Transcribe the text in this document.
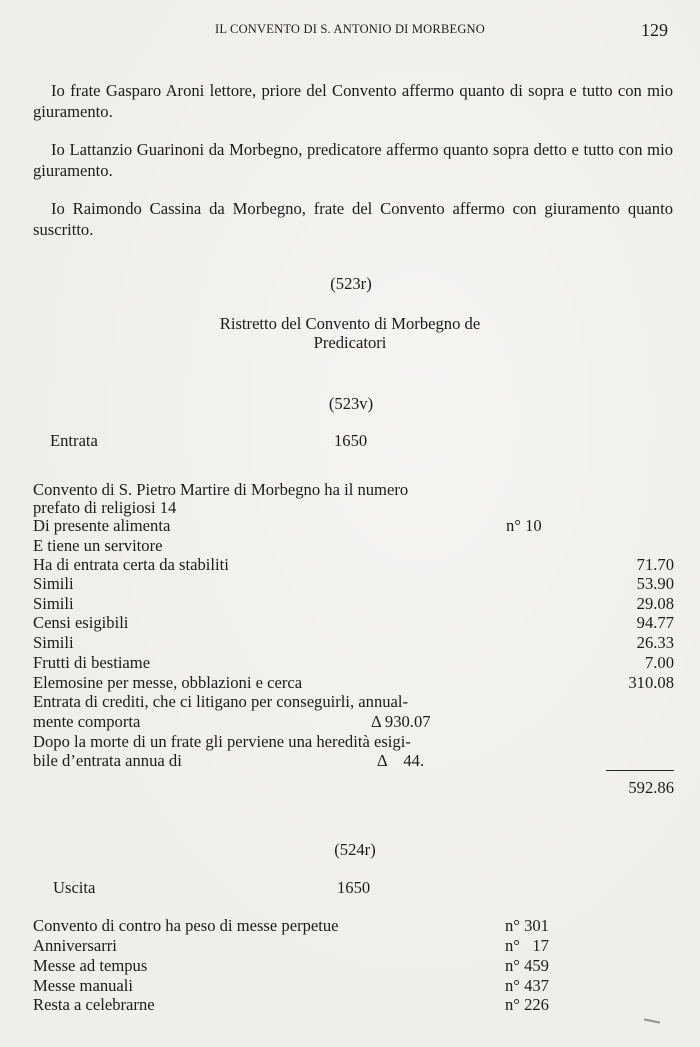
IL CONVENTO DI S. ANTONIO DI MORBEGNO	129
Io frate Gasparo Aroni lettore, priore del Convento affermo quanto di sopra e tutto con mio giuramento.
Io Lattanzio Guarinoni da Morbegno, predicatore affermo quanto sopra detto e tutto con mio giuramento.
Io Raimondo Cassina da Morbegno, frate del Convento affermo con giuramento quanto suscritto.
(523r)
Ristretto del Convento di Morbegno de
Predicatori
(523v)
Entrata	1650
Convento di S. Pietro Martire di Morbegno ha il numero
prefato di religiosi 14
Di presente alimenta	n° 10
E tiene un servitore
Ha di entrata certa da stabiliti	71.70
Simili	53.90
Simili	29.08
Censi esigibili	94.77
Simili	26.33
Frutti di bestiame	7.00
Elemosine per messe, obblazioni e cerca	310.08
Entrata di crediti, che ci litigano per conseguirli, annual-
mente comporta	Δ 930.07
Dopo la morte di un frate gli perviene una heredità esigi-
bile d’entrata annua di	Δ    44.
592.86
(524r)
Uscita	1650
Convento di contro ha peso di messe perpetue	n° 301
Anniversarri	n°   17
Messe ad tempus	n° 459
Messe manuali	n° 437
Resta a celebrarne	n° 226
